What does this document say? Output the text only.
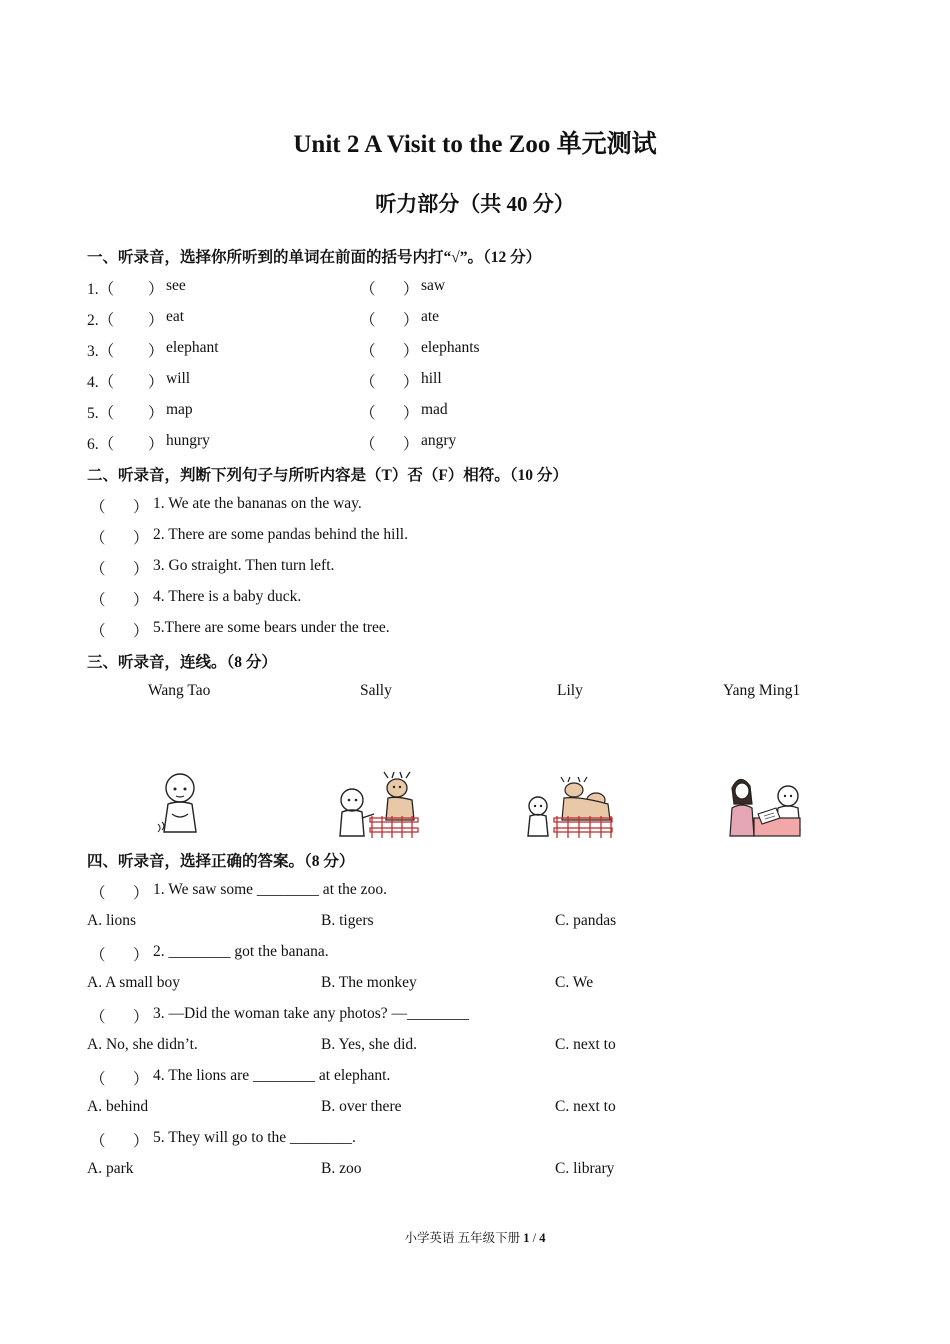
Unit 2 A Visit to the Zoo 单元测试
听力部分（共 40 分）
一、听录音，选择你所听到的单词在前面的括号内打“√”。（12 分）
1.（ ） see	（ ） saw
2.（ ） eat	（ ） ate
3.（ ） elephant	（ ） elephants
4.（ ） will	（ ） hill
5.（ ） map	（ ） mad
6.（ ） hungry	（ ） angry
二、听录音，判断下列句子与所听内容是（T）否（F）相符。（10 分）
（ ） 1. We ate the bananas on the way.
（ ） 2. There are some pandas behind the hill.
（ ） 3. Go straight. Then turn left.
（ ） 4. There is a baby duck.
（ ） 5.There are some bears under the tree.
三、听录音，连线。（8 分）
Wang Tao	Sally	Lily	Yang Ming1
四、听录音，选择正确的答案。（8 分）
（ ） 1. We saw some ________ at the zoo.
A. lions	B. tigers	C. pandas
（ ） 2. ________ got the banana.
A. A small boy	B. The monkey	C. We
（ ） 3. —Did the woman take any photos? —________
A. No, she didn’t.	B. Yes, she did.	C. next to
（ ） 4. The lions are ________ at elephant.
A. behind	B. over there	C. next to
（ ） 5. They will go to the ________.
A. park	B. zoo	C. library
小学英语 五年级下册 1 / 4
